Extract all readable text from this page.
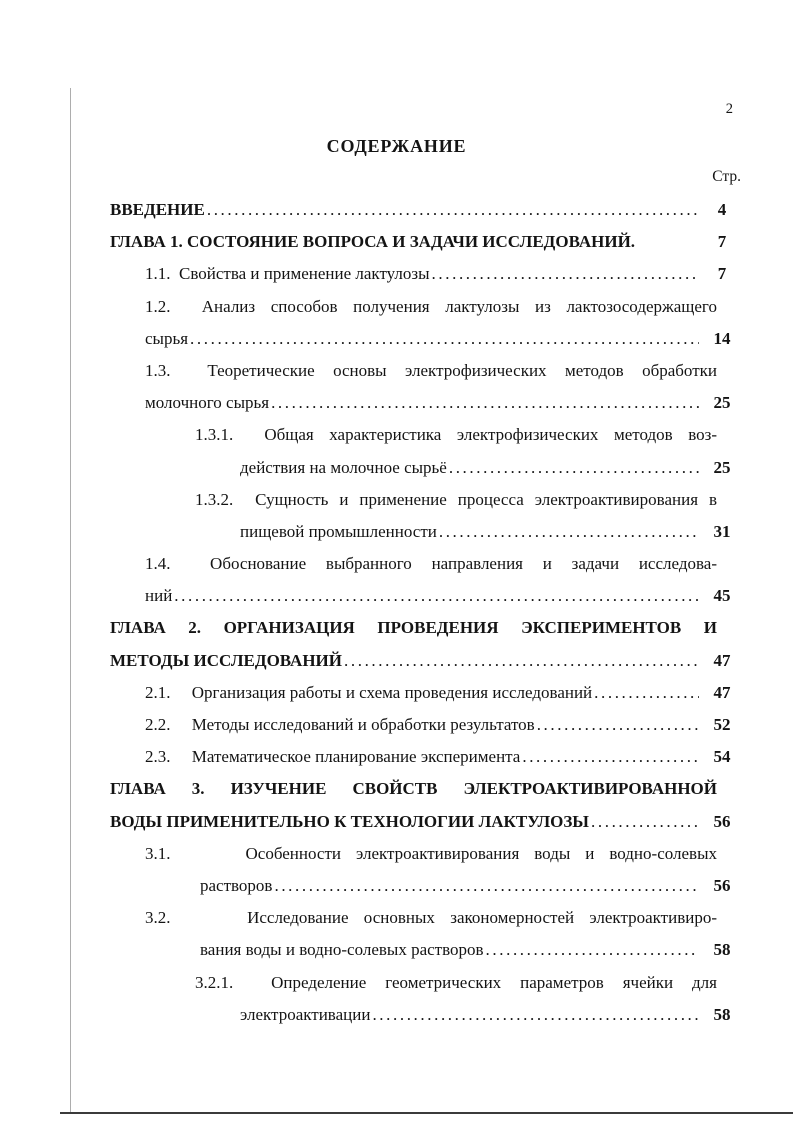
2
СОДЕРЖАНИЕ
Стр.
ВВЕДЕНИЕ .....	4
ГЛАВА 1. СОСТОЯНИЕ ВОПРОСА И ЗАДАЧИ ИССЛЕДОВАНИЙ.	7
1.1.  Свойства и применение лактулозы .....	7
1.2.  Анализ способов получения лактулозы из лактозосодержащего
сырья .....	14
1.3.  Теоретические основы электрофизических методов обработки
молочного сырья .....	25
1.3.1.  Общая характеристика электрофизических методов воз-
действия на молочное сырьё .....	25
1.3.2.  Сущность и применение процесса электроактивирования в
пищевой промышленности .....	31
1.4.  Обоснование выбранного направления и задачи исследова-
ний .....	45
ГЛАВА 2. ОРГАНИЗАЦИЯ ПРОВЕДЕНИЯ ЭКСПЕРИМЕНТОВ И
МЕТОДЫ ИССЛЕДОВАНИЙ .....	47
2.1.     Организация работы и схема проведения исследований .....	47
2.2.     Методы исследований и обработки результатов .....	52
2.3.     Математическое планирование эксперимента .....	54
ГЛАВА 3. ИЗУЧЕНИЕ СВОЙСТВ ЭЛЕКТРОАКТИВИРОВАННОЙ
ВОДЫ ПРИМЕНИТЕЛЬНО К ТЕХНОЛОГИИ ЛАКТУЛОЗЫ .....	56
3.1.     Особенности электроактивирования воды и водно-солевых
растворов .....	56
3.2.     Исследование основных закономерностей электроактивиро-
вания воды и водно-солевых растворов .....	58
3.2.1.  Определение геометрических параметров ячейки для
электроактивации .....	58
